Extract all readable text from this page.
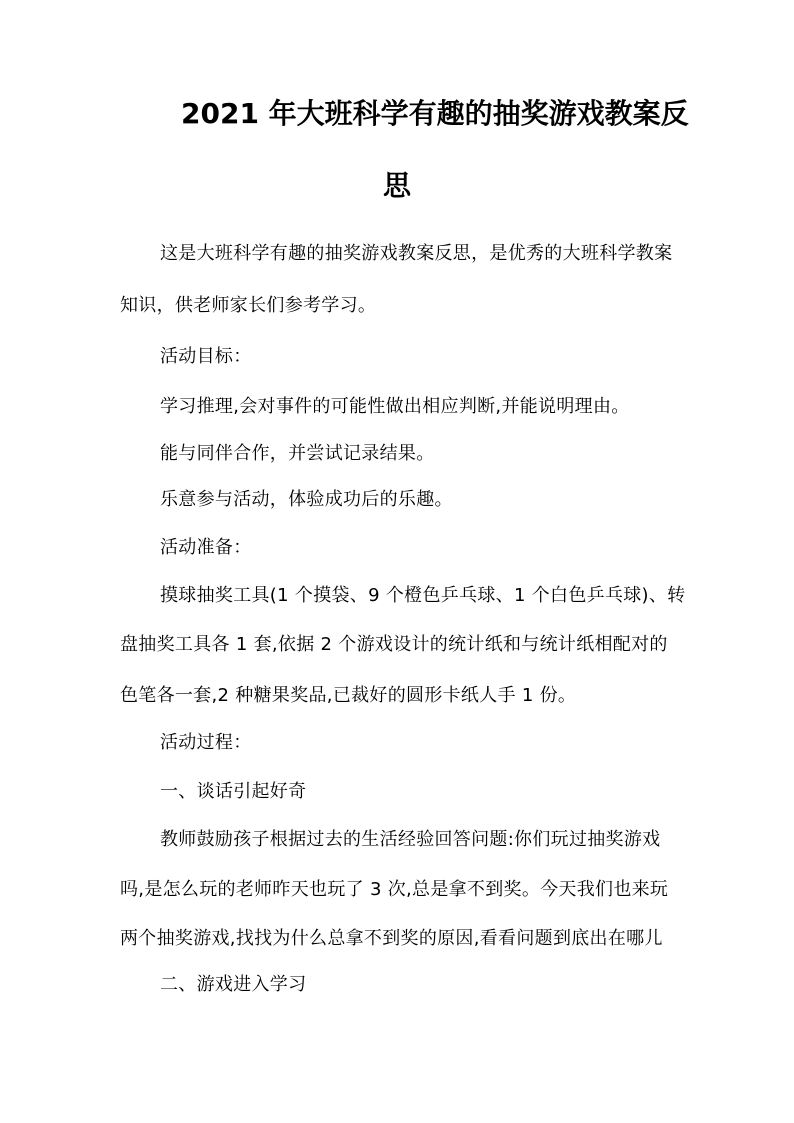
2021 年大班科学有趣的抽奖游戏教案反
思
这是大班科学有趣的抽奖游戏教案反思，是优秀的大班科学教案
知识，供老师家长们参考学习。
活动目标：
学习推理,会对事件的可能性做出相应判断,并能说明理由。
能与同伴合作，并尝试记录结果。
乐意参与活动，体验成功后的乐趣。
活动准备：
摸球抽奖工具(1 个摸袋、9 个橙色乒乓球、1 个白色乒乓球)、转
盘抽奖工具各 1 套,依据 2 个游戏设计的统计纸和与统计纸相配对的
色笔各一套,2 种糖果奖品,已裁好的圆形卡纸人手 1 份。
活动过程：
一、谈话引起好奇
教师鼓励孩子根据过去的生活经验回答问题:你们玩过抽奖游戏
吗,是怎么玩的老师昨天也玩了 3 次,总是拿不到奖。今天我们也来玩
两个抽奖游戏,找找为什么总拿不到奖的原因,看看问题到底出在哪儿
二、游戏进入学习
